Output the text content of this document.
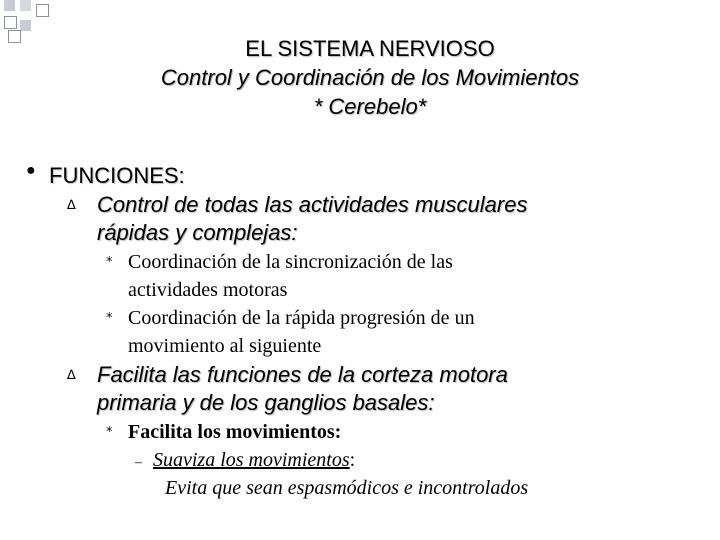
EL SISTEMA NERVIOSO
Control y Coordinación de los Movimientos
* Cerebelo*
● FUNCIONES:
∆ Control de todas las actividades musculares
rápidas y complejas:
* Coordinación de la sincronización de las
actividades motoras
* Coordinación de la rápida progresión de un
movimiento al siguiente
∆ Facilita las funciones de la corteza motora
primaria y de los ganglios basales:
* Facilita los movimientos:
– Suaviza los movimientos:
Evita que sean espasmódicos e incontrolados
